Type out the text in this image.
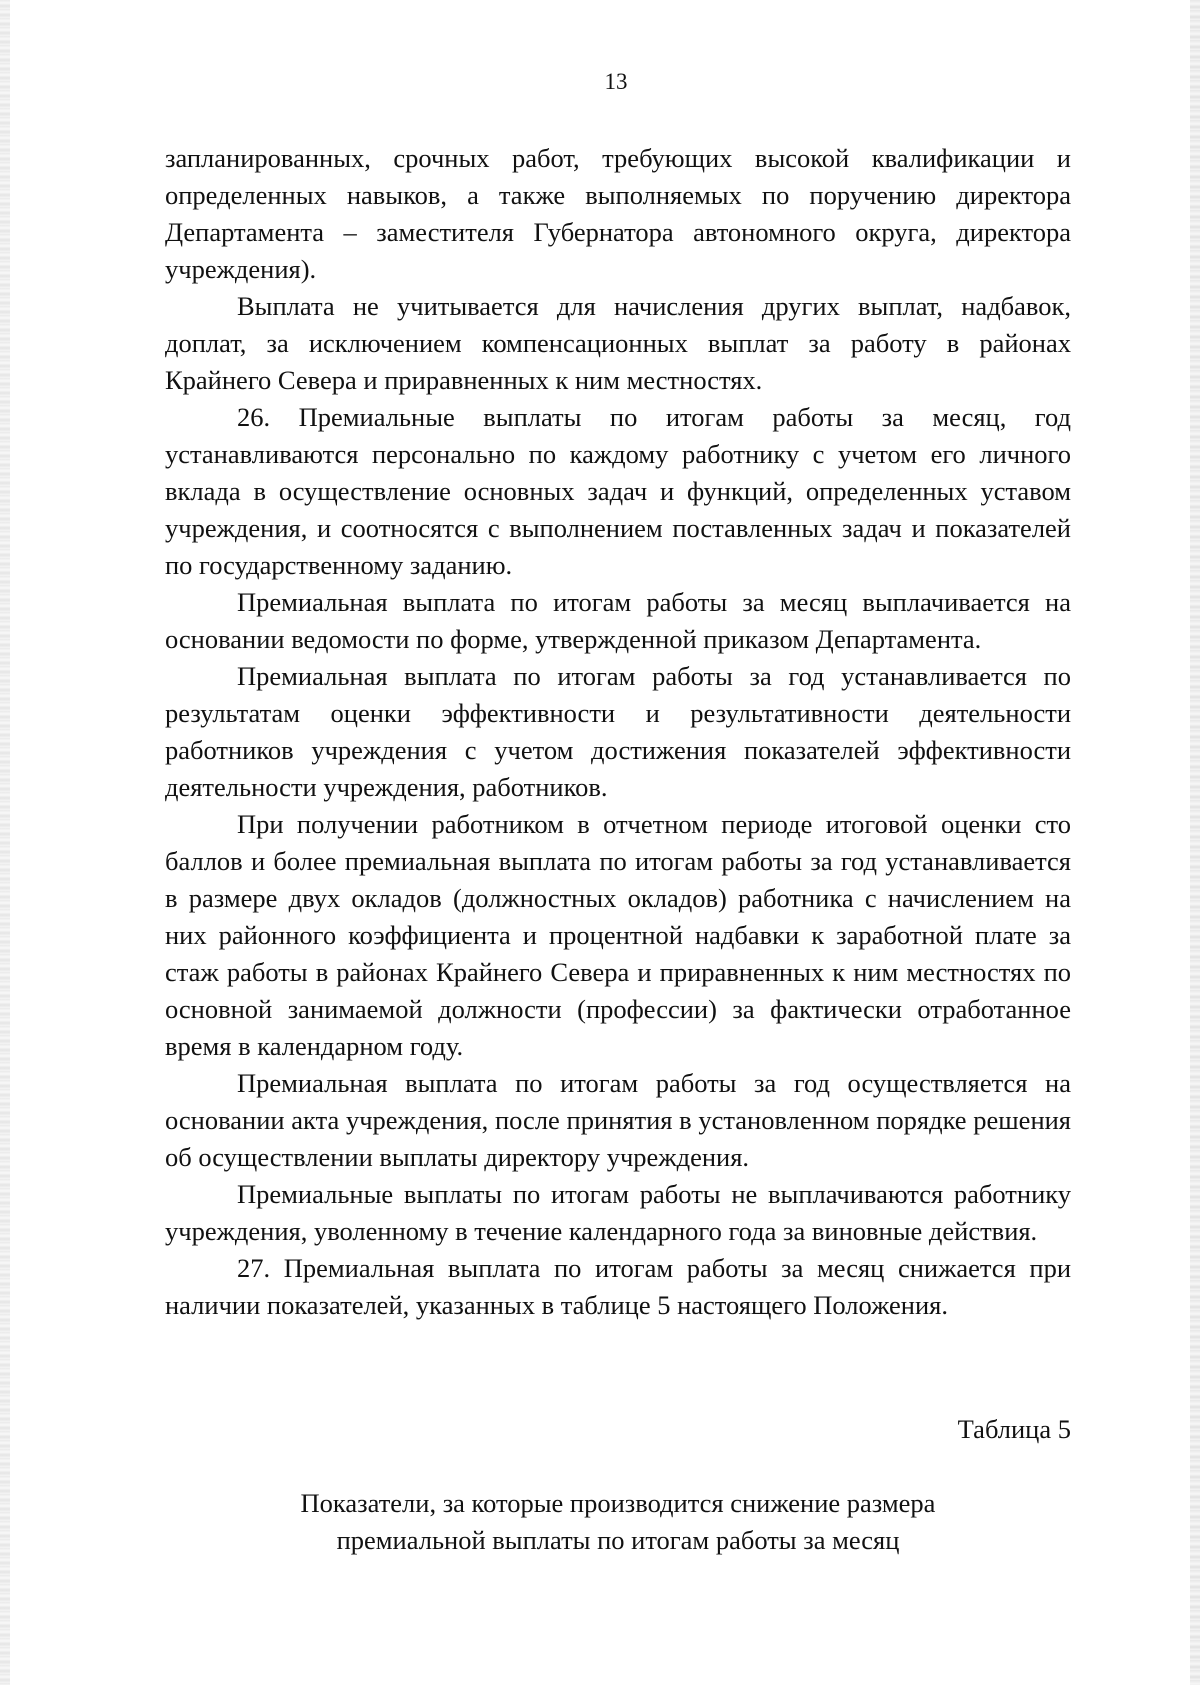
13

запланированных, срочных работ, требующих высокой квалификации и определенных навыков, а также выполняемых по поручению директора Департамента – заместителя Губернатора автономного округа, директора учреждения).

Выплата не учитывается для начисления других выплат, надбавок, доплат, за исключением компенсационных выплат за работу в районах Крайнего Севера и приравненных к ним местностях.

26. Премиальные выплаты по итогам работы за месяц, год устанавливаются персонально по каждому работнику с учетом его личного вклада в осуществление основных задач и функций, определенных уставом учреждения, и соотносятся с выполнением поставленных задач и показателей по государственному заданию.

Премиальная выплата по итогам работы за месяц выплачивается на основании ведомости по форме, утвержденной приказом Департамента.

Премиальная выплата по итогам работы за год устанавливается по результатам оценки эффективности и результативности деятельности работников учреждения с учетом достижения показателей эффективности деятельности учреждения, работников.

При получении работником в отчетном периоде итоговой оценки сто баллов и более премиальная выплата по итогам работы за год устанавливается в размере двух окладов (должностных окладов) работника с начислением на них районного коэффициента и процентной надбавки к заработной плате за стаж работы в районах Крайнего Севера и приравненных к ним местностях по основной занимаемой должности (профессии) за фактически отработанное время в календарном году.

Премиальная выплата по итогам работы за год осуществляется на основании акта учреждения, после принятия в установленном порядке решения об осуществлении выплаты директору учреждения.

Премиальные выплаты по итогам работы не выплачиваются работнику учреждения, уволенному в течение календарного года за виновные действия.

27. Премиальная выплата по итогам работы за месяц снижается при наличии показателей, указанных в таблице 5 настоящего Положения.

Таблица 5
Показатели, за которые производится снижение размера
премиальной выплаты по итогам работы за месяц
